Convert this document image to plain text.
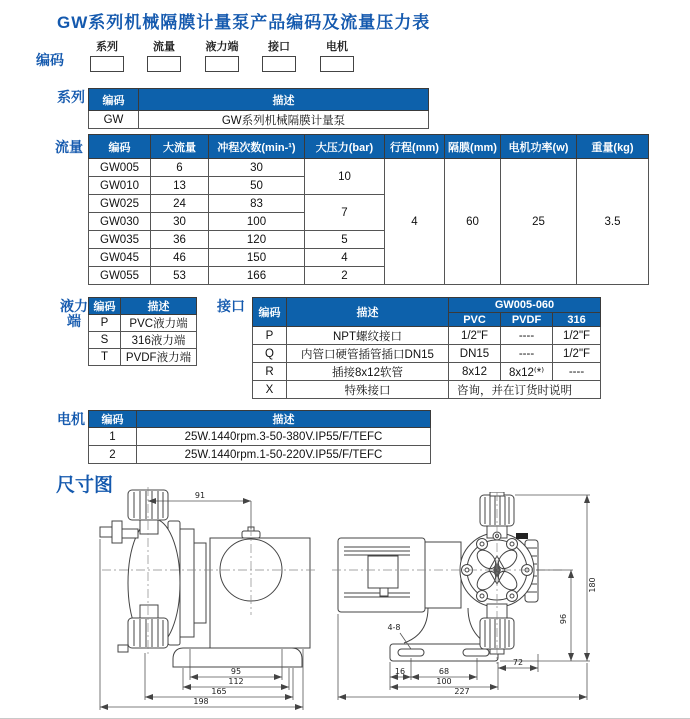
GW系列机械隔膜计量泵产品编码及流量压力表
编码
系列	流量	液力端	接口	电机
系列 编码	描述
GW	GW系列机械隔膜计量泵
流量 编码	大流量	冲程次数(min-¹)	大压力(bar)	行程(mm)	隔膜(mm)	电机功率(w)	重量(kg)
GW005	6	30	10	4	60	25	3.5
GW010	13	50					
GW025	24	83	7				
GW030	30	100					
GW035	36	120	5				
GW045	46	150	4				
GW055	53	166	2				
液力
端
编码	描述
P	PVC液力端
S	316液力端
T	PVDF液力端
接口 编码	描述	GW005-060		
		PVC	PVDF	316
P	NPT螺纹接口	1/2"F	----	1/2"F
Q	内管口硬管插管插口DN15	DN15	----	1/2"F
R	插接8x12软管	8x12	8x12⁽*⁾	----
X	特殊接口	咨询，并在订货时说明		
电机 编码	描述
1	25W.1440rpm.3-50-380V.IP55/F/TEFC
2	25W.1440rpm.1-50-220V.IP55/F/TEFC
尺寸图	91
95
112
165
198
180
96
4-8
16	68
72
100
227
